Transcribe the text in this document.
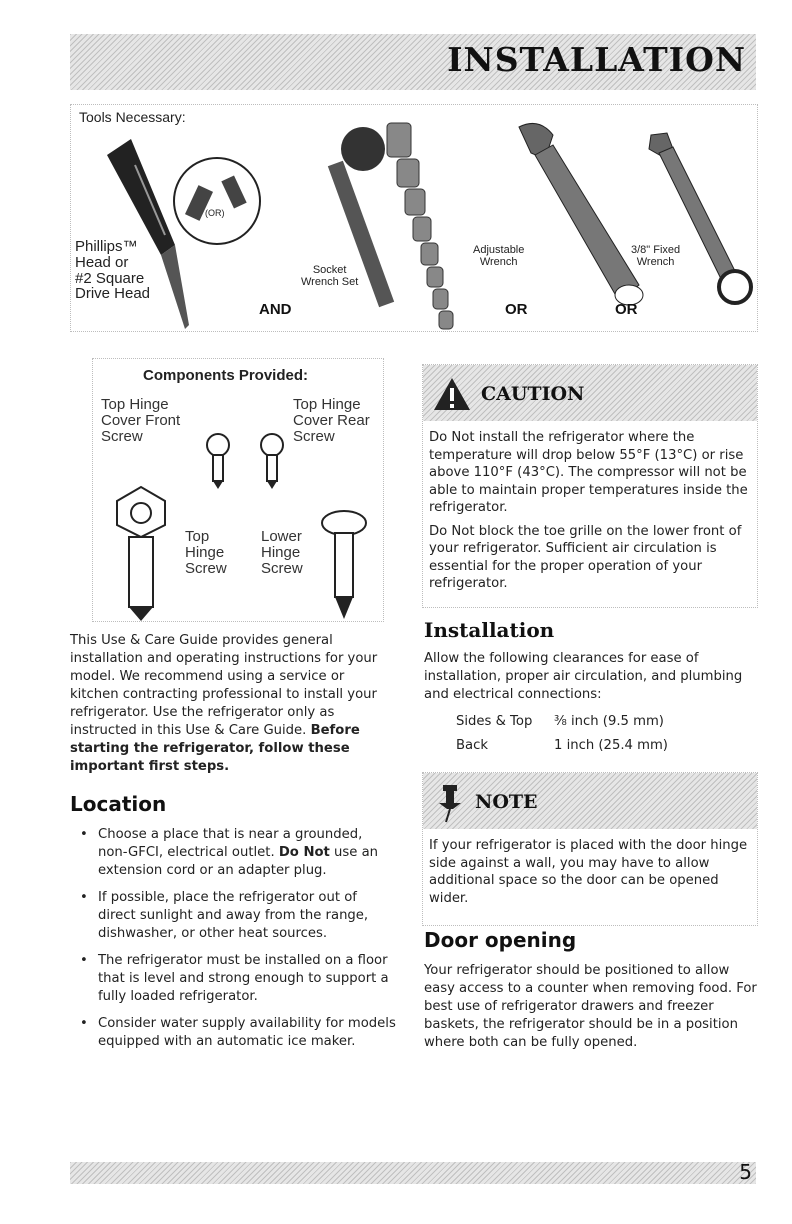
INSTALLATION
Tools Necessary:
(OR)
Phillips™
Head or
#2 Square
Drive Head
AND
Socket
Wrench Set
Adjustable
Wrench
OR
3/8" Fixed
Wrench
OR
Components Provided:
Top Hinge
Cover Front
Screw
Top Hinge
Cover Rear
Screw
Top
Hinge
Screw
Lower
Hinge
Screw
This Use & Care Guide provides general installation and operating instructions for your model. We recommend using a service or kitchen contracting professional to install your refrigerator. Use the refrigerator only as instructed in this Use & Care Guide. Before starting the refrigerator, follow these important first steps.
Location
• Choose a place that is near a grounded, non-GFCI, electrical outlet. Do Not use an extension cord or an adapter plug.
• If possible, place the refrigerator out of direct sunlight and away from the range, dishwasher, or other heat sources.
• The refrigerator must be installed on a floor that is level and strong enough to support a fully loaded refrigerator.
• Consider water supply availability for models equipped with an automatic ice maker.
CAUTION

Do Not install the refrigerator where the temperature will drop below 55°F (13°C) or rise above 110°F (43°C). The compressor will not be able to maintain proper temperatures inside the refrigerator.

Do Not block the toe grille on the lower front of your refrigerator. Sufficient air circulation is essential for the proper operation of your refrigerator.

Installation
Allow the following clearances for ease of installation, proper air circulation, and plumbing and electrical connections:
Sides & Top	⅜ inch (9.5 mm)
Back	1 inch (25.4 mm)
NOTE
If your refrigerator is placed with the door hinge side against a wall, you may have to allow additional space so the door can be opened wider.
Door opening
Your refrigerator should be positioned to allow easy access to a counter when removing food. For best use of refrigerator drawers and freezer baskets, the refrigerator should be in a position where both can be fully opened.
5
